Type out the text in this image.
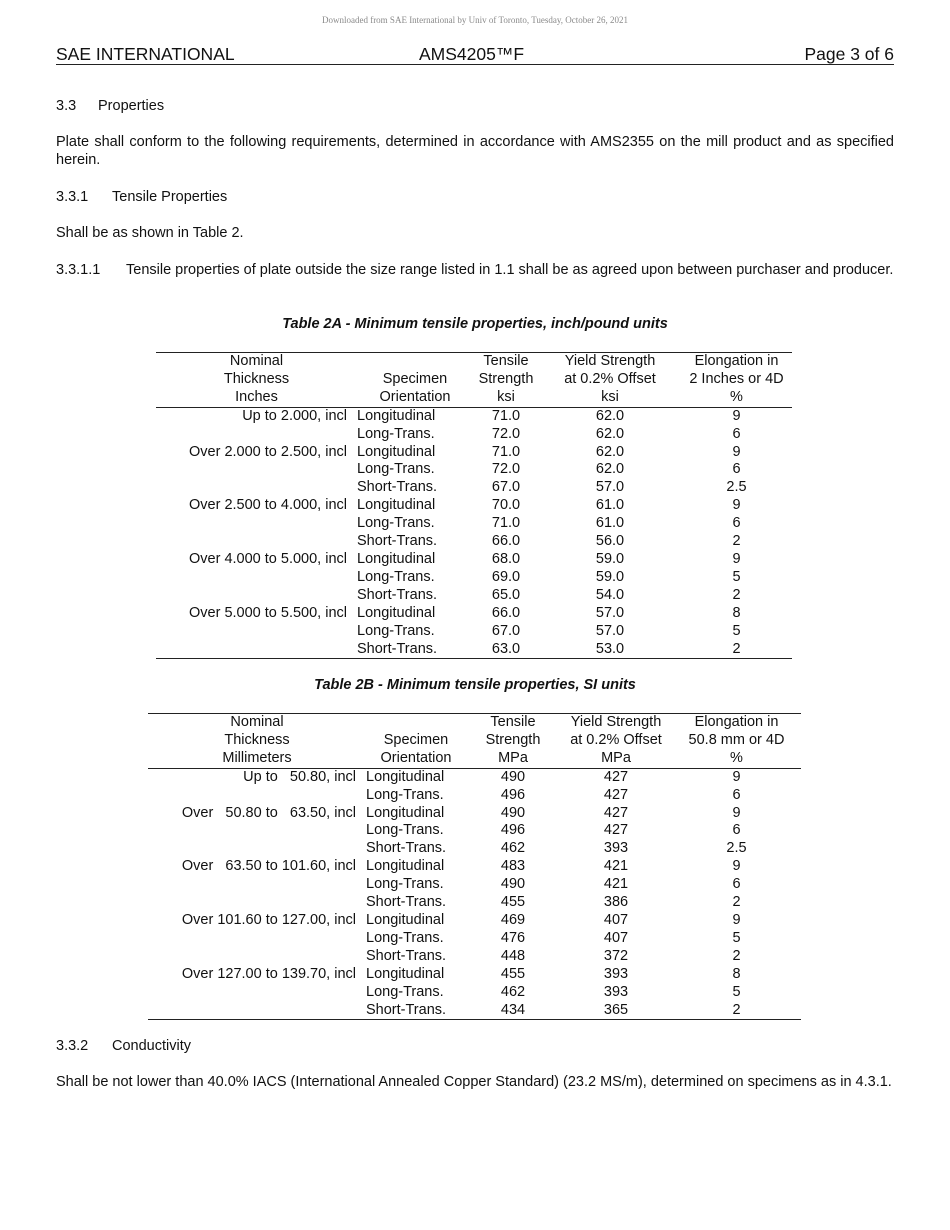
Downloaded from SAE International by Univ of Toronto, Tuesday, October 26, 2021
SAE INTERNATIONAL	AMS4205™F	Page 3 of 6
3.3 Properties
Plate shall conform to the following requirements, determined in accordance with AMS2355 on the mill product and as specified herein.
3.3.1 Tensile Properties
Shall be as shown in Table 2.
3.3.1.1 Tensile properties of plate outside the size range listed in 1.1 shall be as agreed upon between purchaser and producer.
Table 2A - Minimum tensile properties, inch/pound units
Nominal		Tensile	Yield Strength	Elongation in
Thickness	Specimen	Strength	at 0.2% Offset	2 Inches or 4D
Inches	Orientation	ksi	ksi	%
Up to 2.000, incl	Longitudinal	71.0	62.0	9
	Long-Trans.	72.0	62.0	6
Over 2.000 to 2.500, incl	Longitudinal	71.0	62.0	9
	Long-Trans.	72.0	62.0	6
	Short-Trans.	67.0	57.0	2.5
Over 2.500 to 4.000, incl	Longitudinal	70.0	61.0	9
	Long-Trans.	71.0	61.0	6
	Short-Trans.	66.0	56.0	2
Over 4.000 to 5.000, incl	Longitudinal	68.0	59.0	9
	Long-Trans.	69.0	59.0	5
	Short-Trans.	65.0	54.0	2
Over 5.000 to 5.500, incl	Longitudinal	66.0	57.0	8
	Long-Trans.	67.0	57.0	5
	Short-Trans.	63.0	53.0	2
Table 2B - Minimum tensile properties, SI units
Nominal		Tensile	Yield Strength	Elongation in
Thickness	Specimen	Strength	at 0.2% Offset	50.8 mm or 4D
Millimeters	Orientation	MPa	MPa	%
Up to   50.80, incl	Longitudinal	490	427	9
	Long-Trans.	496	427	6
Over   50.80 to   63.50, incl	Longitudinal	490	427	9
	Long-Trans.	496	427	6
	Short-Trans.	462	393	2.5
Over   63.50 to 101.60, incl	Longitudinal	483	421	9
	Long-Trans.	490	421	6
	Short-Trans.	455	386	2
Over 101.60 to 127.00, incl	Longitudinal	469	407	9
	Long-Trans.	476	407	5
	Short-Trans.	448	372	2
Over 127.00 to 139.70, incl	Longitudinal	455	393	8
	Long-Trans.	462	393	5
	Short-Trans.	434	365	2
3.3.2 Conductivity
Shall be not lower than 40.0% IACS (International Annealed Copper Standard) (23.2 MS/m), determined on specimens as in 4.3.1.
